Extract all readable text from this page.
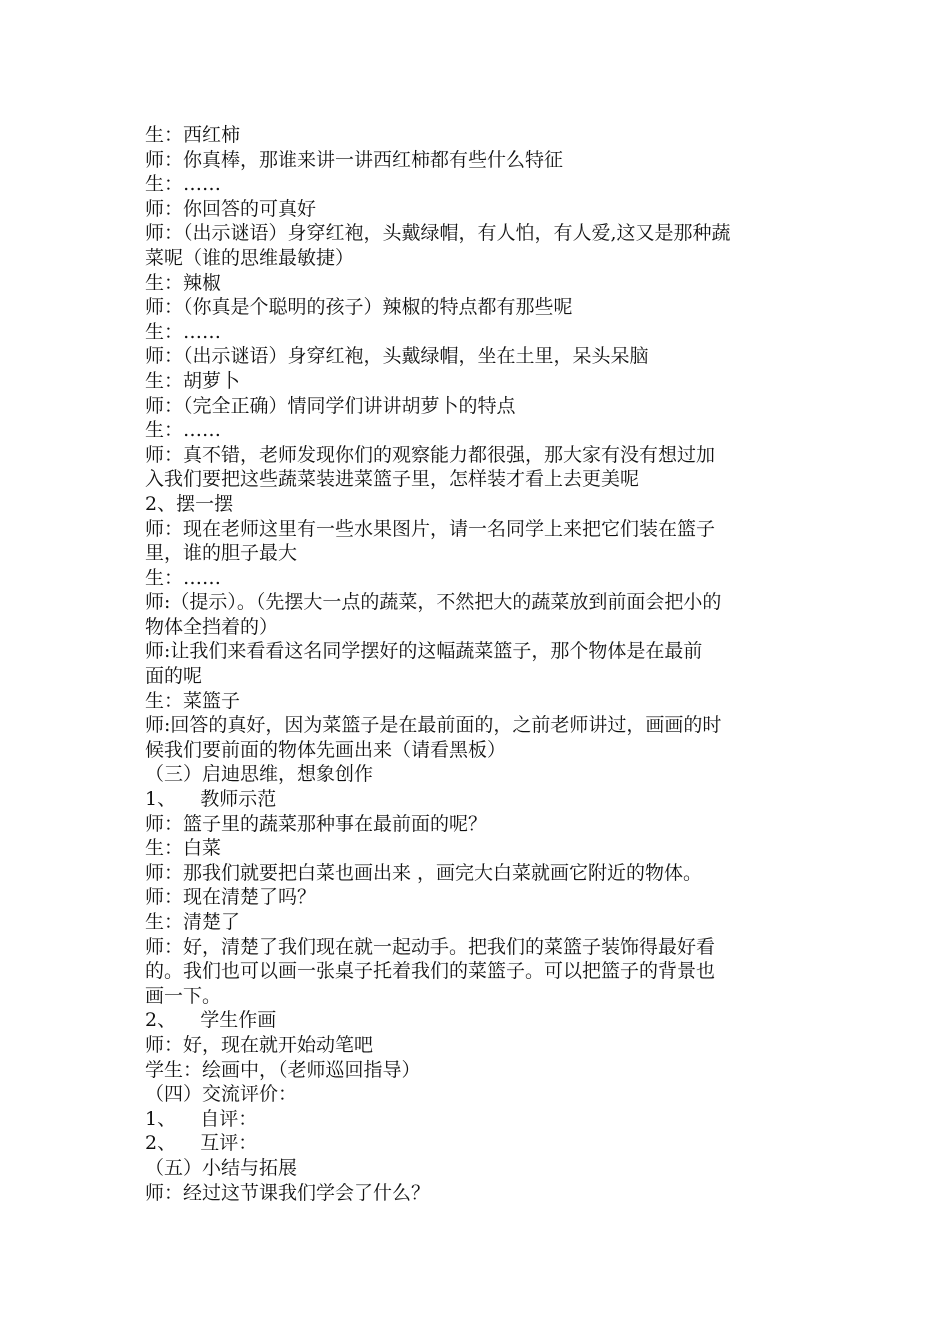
生：西红柿
师：你真棒，那谁来讲一讲西红柿都有些什么特征
生：……
师：你回答的可真好
师：（出示谜语）身穿红袍，头戴绿帽，有人怕，有人爱,这又是那种蔬
菜呢（谁的思维最敏捷）
生：辣椒
师：（你真是个聪明的孩子）辣椒的特点都有那些呢
生：……
师：（出示谜语）身穿红袍，头戴绿帽，坐在土里，呆头呆脑
生：胡萝卜
师：（完全正确）情同学们讲讲胡萝卜的特点
生：……
师：真不错，老师发现你们的观察能力都很强，那大家有没有想过加
入我们要把这些蔬菜装进菜篮子里，怎样装才看上去更美呢
2、摆一摆
师：现在老师这里有一些水果图片，请一名同学上来把它们装在篮子
里，谁的胆子最大
生：……
师:（提示）。（先摆大一点的蔬菜，不然把大的蔬菜放到前面会把小的
物体全挡着的）
师:让我们来看看这名同学摆好的这幅蔬菜篮子，那个物体是在最前
面的呢
生：菜篮子
师:回答的真好，因为菜篮子是在最前面的，之前老师讲过，画画的时
候我们要前面的物体先画出来（请看黑板）
（三）启迪思维，想象创作
1、    教师示范
师：篮子里的蔬菜那种事在最前面的呢？
生：白菜
师：那我们就要把白菜也画出来 ，画完大白菜就画它附近的物体。
师：现在清楚了吗？
生：清楚了
师：好，清楚了我们现在就一起动手。把我们的菜篮子装饰得最好看
的。我们也可以画一张桌子托着我们的菜篮子。可以把篮子的背景也
画一下。
2、    学生作画
师：好，现在就开始动笔吧
学生：绘画中，（老师巡回指导）
（四）交流评价：
1、    自评：
2、    互评：
（五）小结与拓展
师：经过这节课我们学会了什么？
